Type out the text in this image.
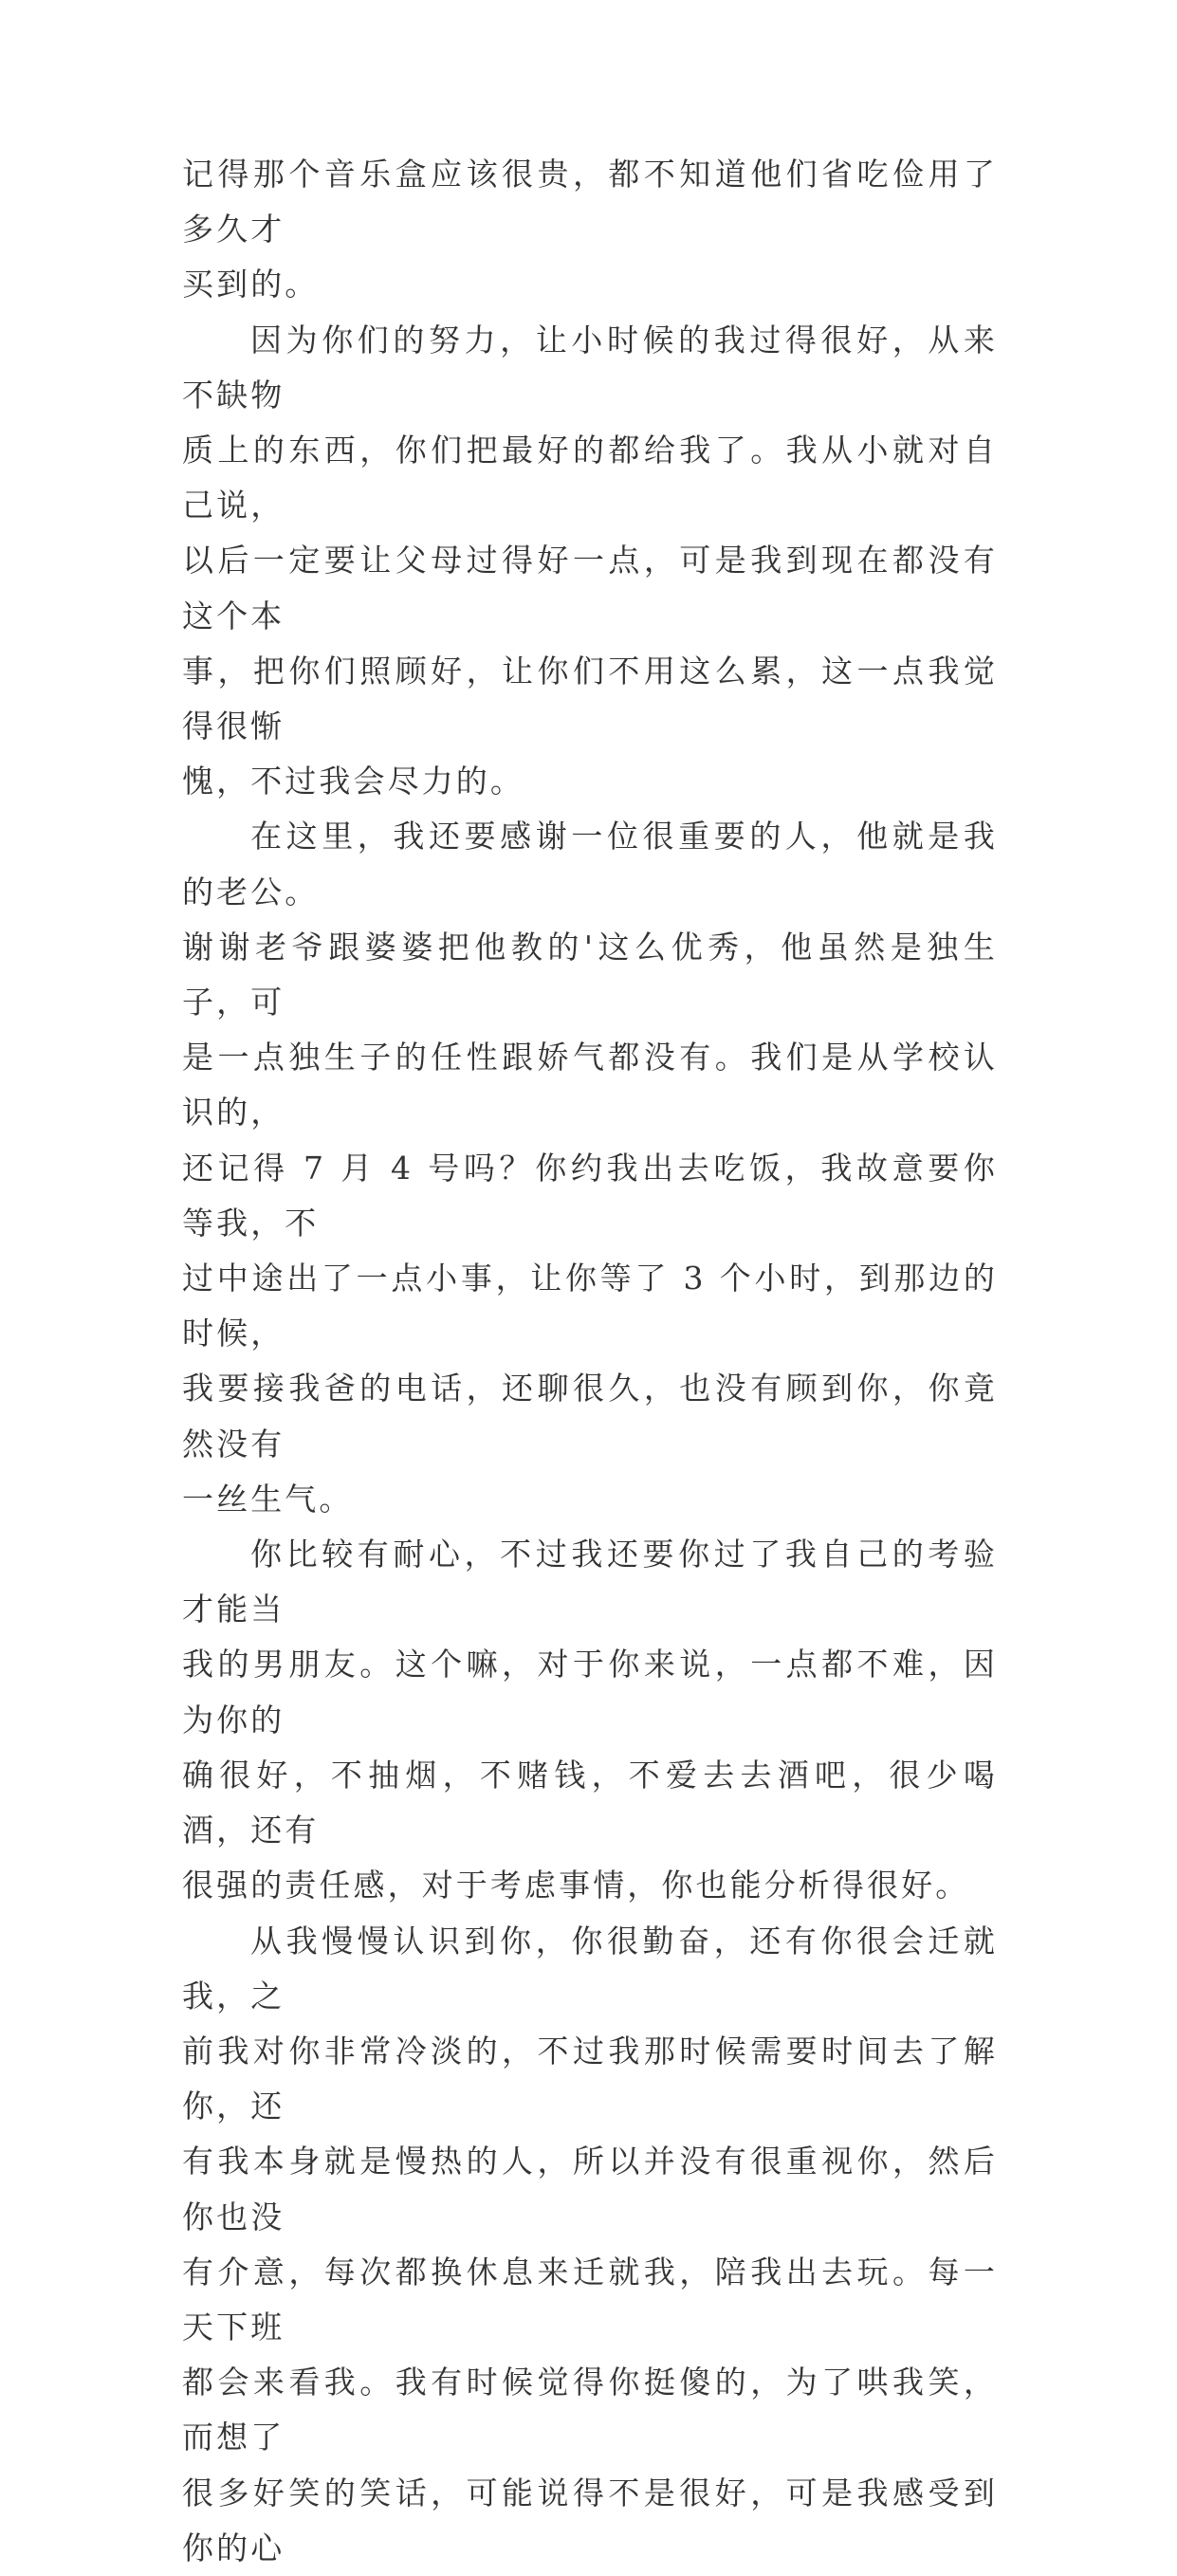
记得那个音乐盒应该很贵，都不知道他们省吃俭用了多久才
买到的。

因为你们的努力，让小时候的我过得很好，从来不缺物
质上的东西，你们把最好的都给我了。我从小就对自己说，
以后一定要让父母过得好一点，可是我到现在都没有这个本
事，把你们照顾好，让你们不用这么累，这一点我觉得很惭
愧，不过我会尽力的。

在这里，我还要感谢一位很重要的人，他就是我的老公。
谢谢老爷跟婆婆把他教的'这么优秀，他虽然是独生子，可
是一点独生子的任性跟娇气都没有。我们是从学校认识的，
还记得 7 月 4 号吗？你约我出去吃饭，我故意要你等我，不
过中途出了一点小事，让你等了 3 个小时，到那边的时候，
我要接我爸的电话，还聊很久，也没有顾到你，你竟然没有
一丝生气。

你比较有耐心，不过我还要你过了我自己的考验才能当
我的男朋友。这个嘛，对于你来说，一点都不难，因为你的
确很好，不抽烟，不赌钱，不爱去去酒吧，很少喝酒，还有
很强的责任感，对于考虑事情，你也能分析得很好。

从我慢慢认识到你，你很勤奋，还有你很会迁就我，之
前我对你非常冷淡的，不过我那时候需要时间去了解你，还
有我本身就是慢热的人，所以并没有很重视你，然后你也没
有介意，每次都换休息来迁就我，陪我出去玩。每一天下班
都会来看我。我有时候觉得你挺傻的，为了哄我笑，而想了
很多好笑的笑话，可能说得不是很好，可是我感受到你的心
